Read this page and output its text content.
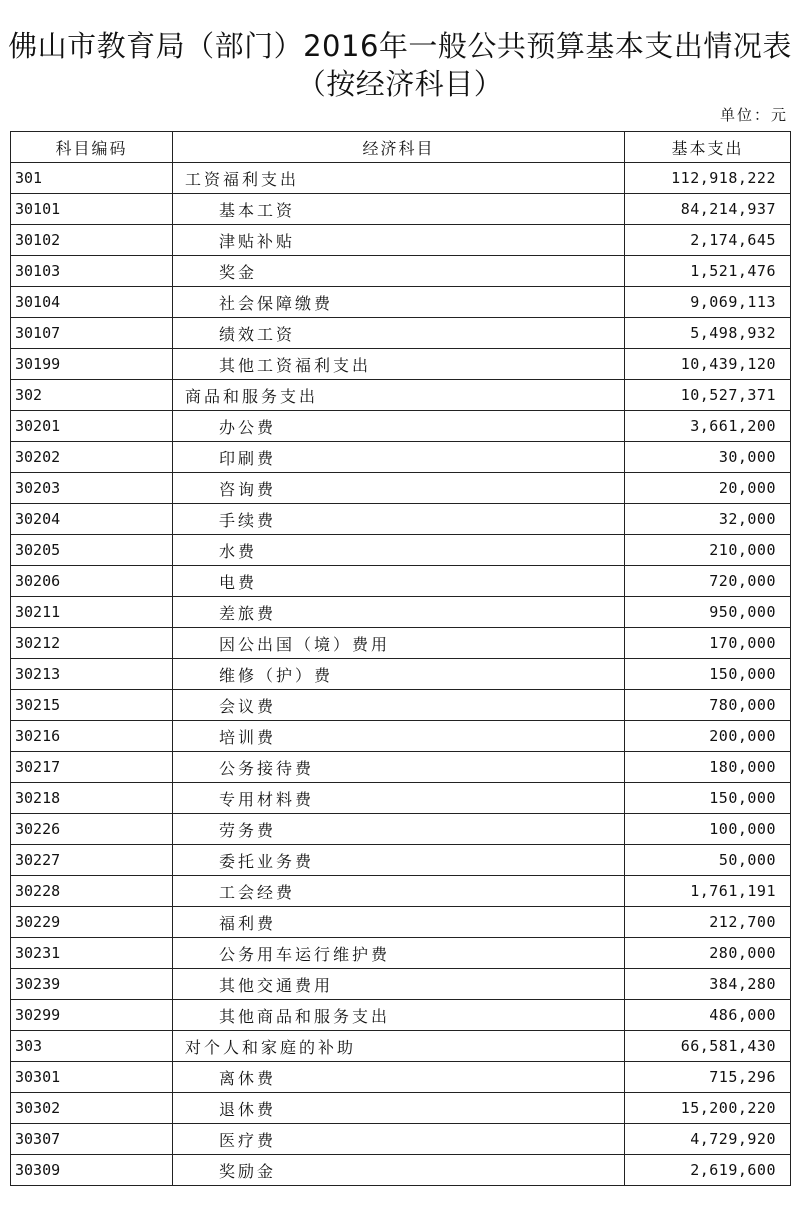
佛山市教育局（部门）2016年一般公共预算基本支出情况表
（按经济科目）
单位：元
科目编码	经济科目	基本支出
301	工资福利支出	112,918,222
30101	基本工资	84,214,937
30102	津贴补贴	2,174,645
30103	奖金	1,521,476
30104	社会保障缴费	9,069,113
30107	绩效工资	5,498,932
30199	其他工资福利支出	10,439,120
302	商品和服务支出	10,527,371
30201	办公费	3,661,200
30202	印刷费	30,000
30203	咨询费	20,000
30204	手续费	32,000
30205	水费	210,000
30206	电费	720,000
30211	差旅费	950,000
30212	因公出国（境）费用	170,000
30213	维修（护）费	150,000
30215	会议费	780,000
30216	培训费	200,000
30217	公务接待费	180,000
30218	专用材料费	150,000
30226	劳务费	100,000
30227	委托业务费	50,000
30228	工会经费	1,761,191
30229	福利费	212,700
30231	公务用车运行维护费	280,000
30239	其他交通费用	384,280
30299	其他商品和服务支出	486,000
303	对个人和家庭的补助	66,581,430
30301	离休费	715,296
30302	退休费	15,200,220
30307	医疗费	4,729,920
30309	奖励金	2,619,600
